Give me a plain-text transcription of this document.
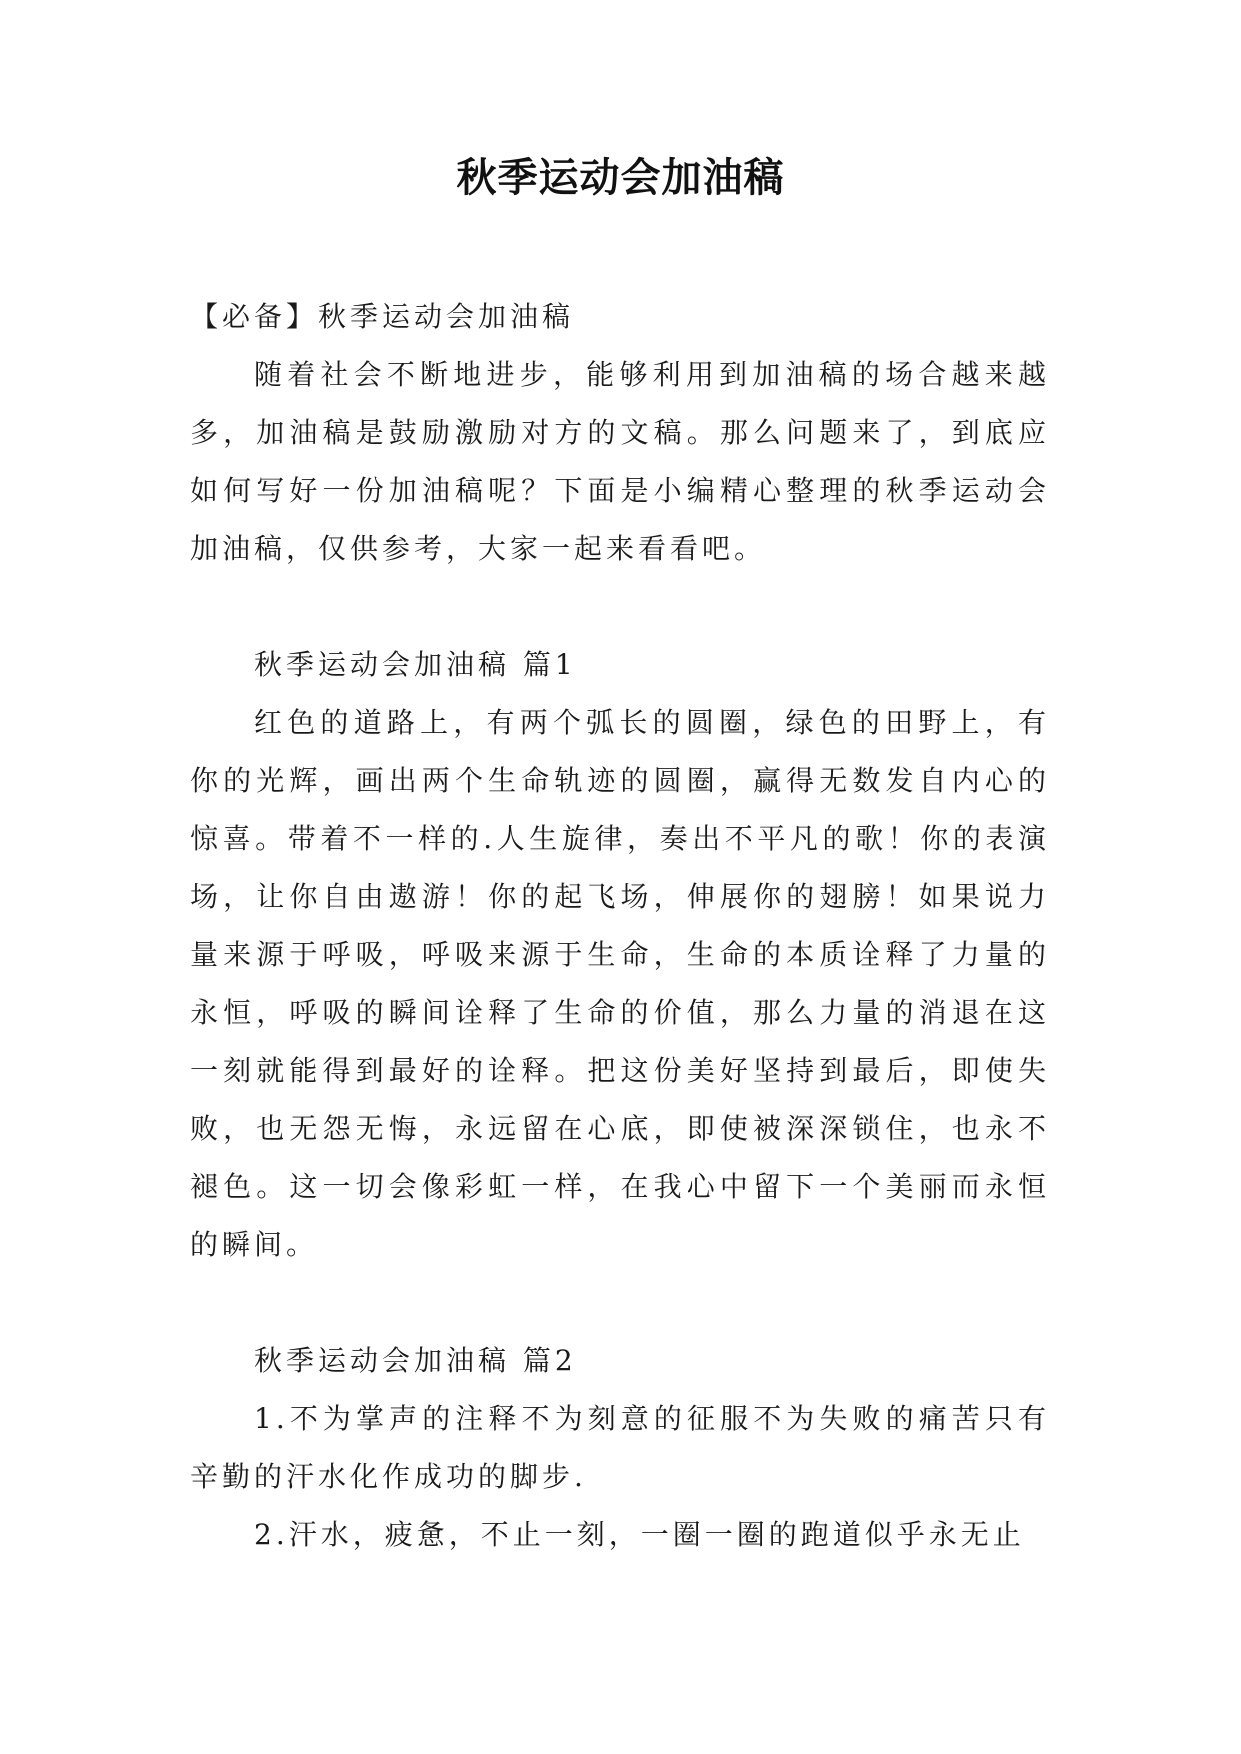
秋季运动会加油稿

【必备】秋季运动会加油稿

随着社会不断地进步，能够利用到加油稿的场合越来越多，加油稿是鼓励激励对方的文稿。那么问题来了，到底应如何写好一份加油稿呢？下面是小编精心整理的秋季运动会加油稿，仅供参考，大家一起来看看吧。

秋季运动会加油稿 篇1

红色的道路上，有两个弧长的圆圈，绿色的田野上，有你的光辉，画出两个生命轨迹的圆圈，赢得无数发自内心的惊喜。带着不一样的.人生旋律，奏出不平凡的歌！你的表演场，让你自由遨游！你的起飞场，伸展你的翅膀！如果说力量来源于呼吸，呼吸来源于生命，生命的本质诠释了力量的永恒，呼吸的瞬间诠释了生命的价值，那么力量的消退在这一刻就能得到最好的诠释。把这份美好坚持到最后，即使失败，也无怨无悔，永远留在心底，即使被深深锁住，也永不褪色。这一切会像彩虹一样，在我心中留下一个美丽而永恒的瞬间。

秋季运动会加油稿 篇2

1.不为掌声的注释不为刻意的征服不为失败的痛苦只有辛勤的汗水化作成功的脚步.

2.汗水，疲惫，不止一刻，一圈一圈的跑道似乎永无止
